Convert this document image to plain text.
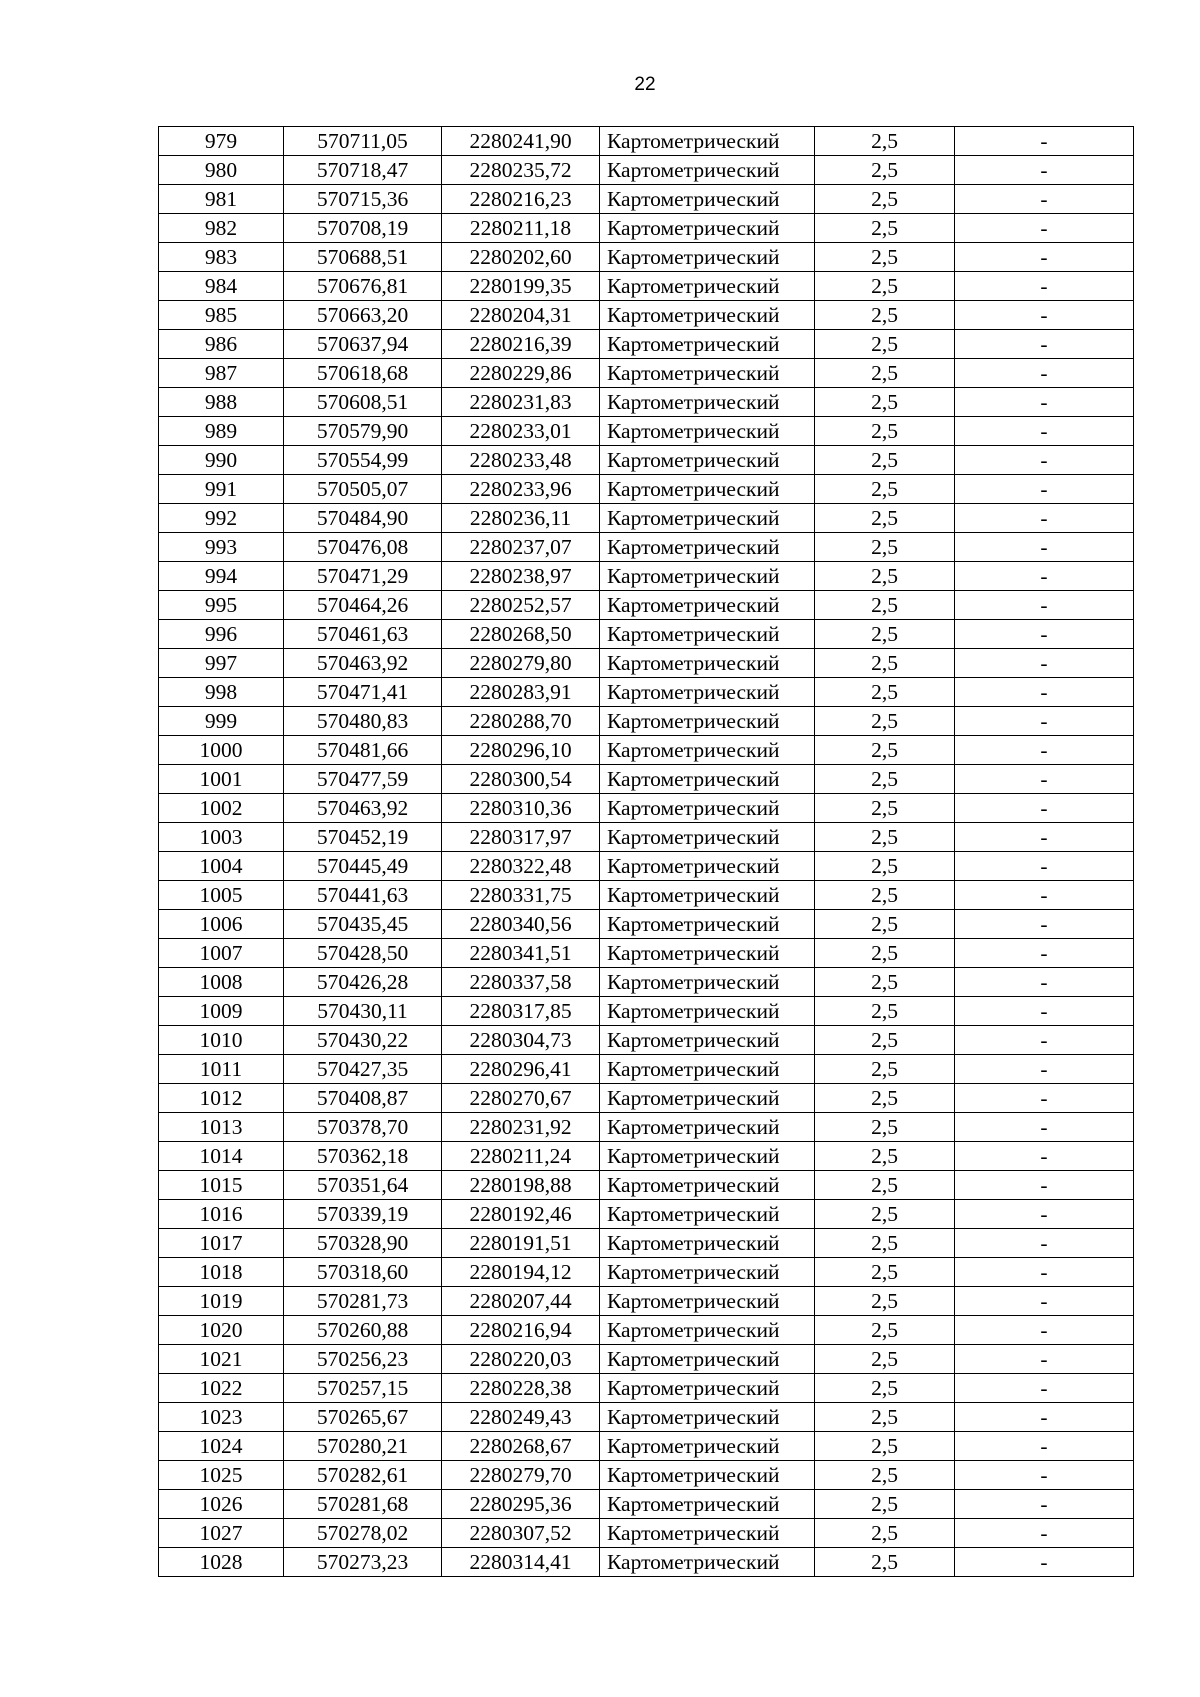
22
979	570711,05	2280241,90	Картометрический	2,5	-
980	570718,47	2280235,72	Картометрический	2,5	-
981	570715,36	2280216,23	Картометрический	2,5	-
982	570708,19	2280211,18	Картометрический	2,5	-
983	570688,51	2280202,60	Картометрический	2,5	-
984	570676,81	2280199,35	Картометрический	2,5	-
985	570663,20	2280204,31	Картометрический	2,5	-
986	570637,94	2280216,39	Картометрический	2,5	-
987	570618,68	2280229,86	Картометрический	2,5	-
988	570608,51	2280231,83	Картометрический	2,5	-
989	570579,90	2280233,01	Картометрический	2,5	-
990	570554,99	2280233,48	Картометрический	2,5	-
991	570505,07	2280233,96	Картометрический	2,5	-
992	570484,90	2280236,11	Картометрический	2,5	-
993	570476,08	2280237,07	Картометрический	2,5	-
994	570471,29	2280238,97	Картометрический	2,5	-
995	570464,26	2280252,57	Картометрический	2,5	-
996	570461,63	2280268,50	Картометрический	2,5	-
997	570463,92	2280279,80	Картометрический	2,5	-
998	570471,41	2280283,91	Картометрический	2,5	-
999	570480,83	2280288,70	Картометрический	2,5	-
1000	570481,66	2280296,10	Картометрический	2,5	-
1001	570477,59	2280300,54	Картометрический	2,5	-
1002	570463,92	2280310,36	Картометрический	2,5	-
1003	570452,19	2280317,97	Картометрический	2,5	-
1004	570445,49	2280322,48	Картометрический	2,5	-
1005	570441,63	2280331,75	Картометрический	2,5	-
1006	570435,45	2280340,56	Картометрический	2,5	-
1007	570428,50	2280341,51	Картометрический	2,5	-
1008	570426,28	2280337,58	Картометрический	2,5	-
1009	570430,11	2280317,85	Картометрический	2,5	-
1010	570430,22	2280304,73	Картометрический	2,5	-
1011	570427,35	2280296,41	Картометрический	2,5	-
1012	570408,87	2280270,67	Картометрический	2,5	-
1013	570378,70	2280231,92	Картометрический	2,5	-
1014	570362,18	2280211,24	Картометрический	2,5	-
1015	570351,64	2280198,88	Картометрический	2,5	-
1016	570339,19	2280192,46	Картометрический	2,5	-
1017	570328,90	2280191,51	Картометрический	2,5	-
1018	570318,60	2280194,12	Картометрический	2,5	-
1019	570281,73	2280207,44	Картометрический	2,5	-
1020	570260,88	2280216,94	Картометрический	2,5	-
1021	570256,23	2280220,03	Картометрический	2,5	-
1022	570257,15	2280228,38	Картометрический	2,5	-
1023	570265,67	2280249,43	Картометрический	2,5	-
1024	570280,21	2280268,67	Картометрический	2,5	-
1025	570282,61	2280279,70	Картометрический	2,5	-
1026	570281,68	2280295,36	Картометрический	2,5	-
1027	570278,02	2280307,52	Картометрический	2,5	-
1028	570273,23	2280314,41	Картометрический	2,5	-
